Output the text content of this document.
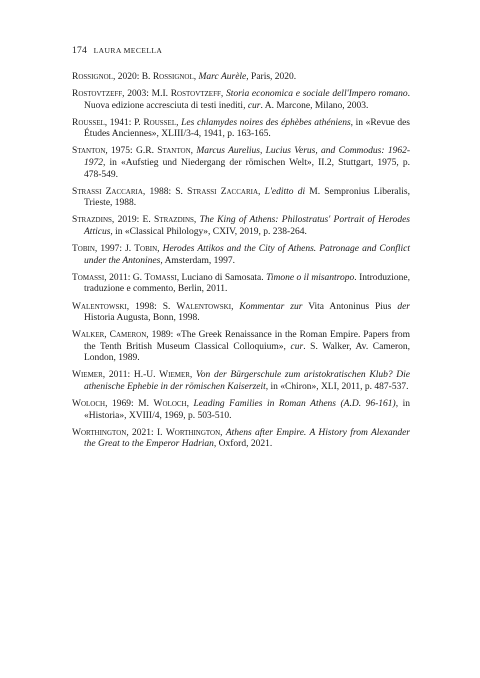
174 LAURA MECELLA

Rossignol, 2020: B. Rossignol, Marc Aurèle, Paris, 2020.

Rostovtzeff, 2003: M.I. Rostovtzeff, Storia economica e sociale dell'Impero romano. Nuova edizione accresciuta di testi inediti, cur. A. Marcone, Milano, 2003.

Roussel, 1941: P. Roussel, Les chlamydes noires des éphèbes athéniens, in «Revue des Études Anciennes», XLIII/3-4, 1941, p. 163-165.

Stanton, 1975: G.R. Stanton, Marcus Aurelius, Lucius Verus, and Commodus: 1962-1972, in «Aufstieg und Niedergang der römischen Welt», II.2, Stuttgart, 1975, p. 478-549.

Strassi Zaccaria, 1988: S. Strassi Zaccaria, L'editto di M. Sempronius Liberalis, Trieste, 1988.

Strazdins, 2019: E. Strazdins, The King of Athens: Philostratus' Portrait of Herodes Atticus, in «Classical Philology», CXIV, 2019, p. 238-264.

Tobin, 1997: J. Tobin, Herodes Attikos and the City of Athens. Patronage and Conflict under the Antonines, Amsterdam, 1997.

Tomassi, 2011: G. Tomassi, Luciano di Samosata. Timone o il misantropo. Introduzione, traduzione e commento, Berlin, 2011.

Walentowski, 1998: S. Walentowski, Kommentar zur Vita Antoninus Pius der Historia Augusta, Bonn, 1998.

Walker, Cameron, 1989: «The Greek Renaissance in the Roman Empire. Papers from the Tenth British Museum Classical Colloquium», cur. S. Walker, Av. Cameron, London, 1989.

Wiemer, 2011: H.-U. Wiemer, Von der Bürgerschule zum aristokratischen Klub? Die athenische Ephebie in der römischen Kaiserzeit, in «Chiron», XLI, 2011, p. 487-537.

Woloch, 1969: M. Woloch, Leading Families in Roman Athens (A.D. 96-161), in «Historia», XVIII/4, 1969, p. 503-510.

Worthington, 2021: I. Worthington, Athens after Empire. A History from Alexander the Great to the Emperor Hadrian, Oxford, 2021.
